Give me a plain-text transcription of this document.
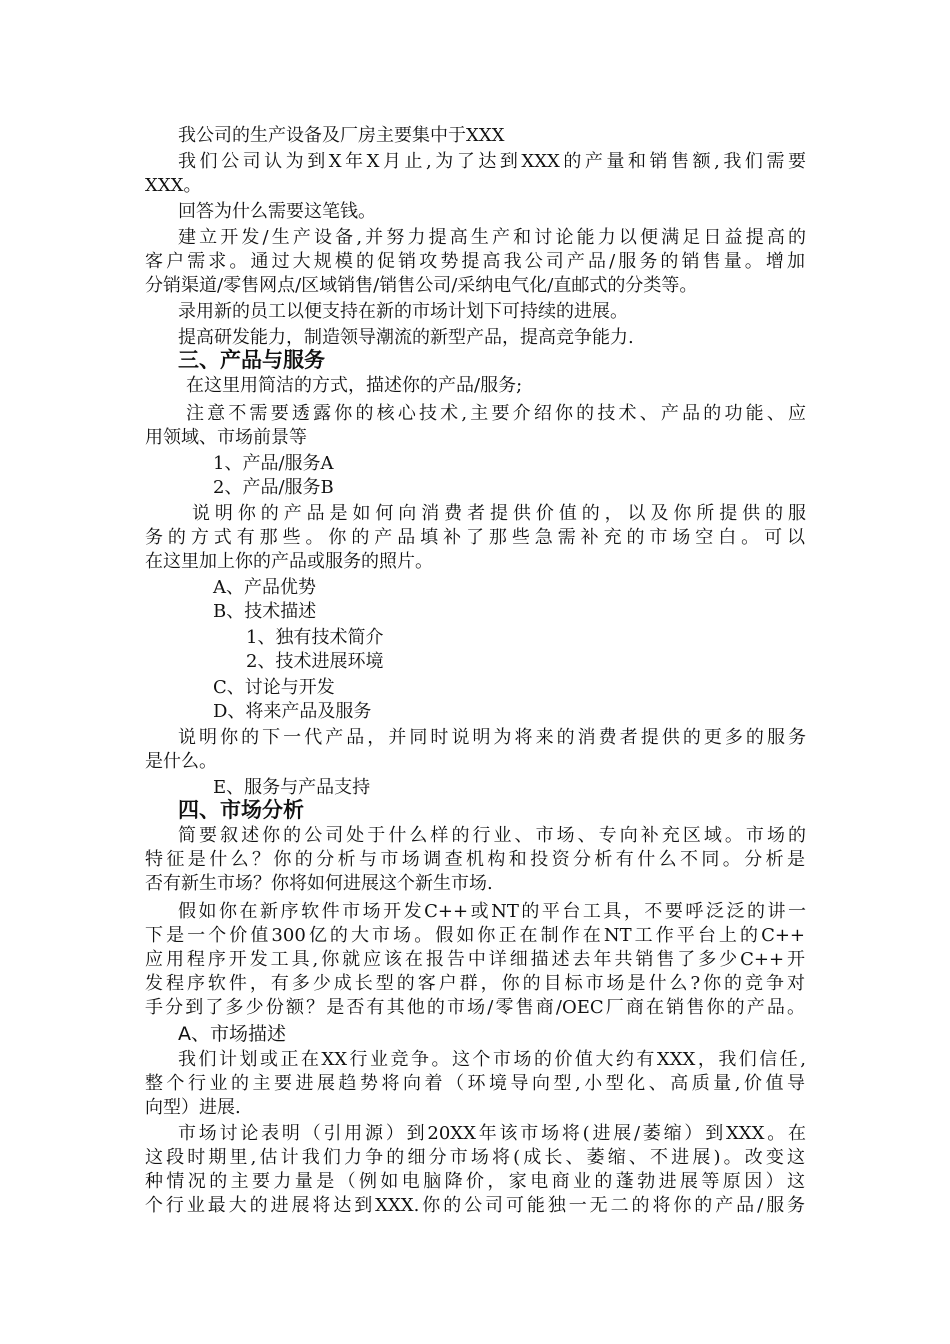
我公司的生产设备及厂房主要集中于XXX
我们公司认为到X年X月止,为了达到XXX的产量和销售额,我们需要
XXX。
回答为什么需要这笔钱。
建立开发/生产设备,并努力提高生产和讨论能力以便满足日益提高的
客户需求。通过大规模的促销攻势提高我公司产品/服务的销售量。增加
分销渠道/零售网点/区域销售/销售公司/采纳电气化/直邮式的分类等。
录用新的员工以便支持在新的市场计划下可持续的进展。
提高研发能力，制造领导潮流的新型产品，提高竞争能力.
三、产品与服务
在这里用简洁的方式，描述你的产品/服务;
注意不需要透露你的核心技术,主要介绍你的技术、产品的功能、应
用领域、市场前景等
1、产品/服务A
2、产品/服务B
说明你的产品是如何向消费者提供价值的，以及你所提供的服
务的方式有那些。你的产品填补了那些急需补充的市场空白。可以
在这里加上你的产品或服务的照片。
A、产品优势
B、技术描述
1、独有技术简介
2、技术进展环境
C、讨论与开发
D、将来产品及服务
说明你的下一代产品，并同时说明为将来的消费者提供的更多的服务
是什么。
E、服务与产品支持
四、市场分析
简要叙述你的公司处于什么样的行业、市场、专向补充区域。市场的
特征是什么？你的分析与市场调查机构和投资分析有什么不同。分析是
否有新生市场？你将如何进展这个新生市场.
假如你在新序软件市场开发C++或NT的平台工具，不要呼泛泛的讲一
下是一个价值300亿的大市场。假如你正在制作在NT工作平台上的C++
应用程序开发工具,你就应该在报告中详细描述去年共销售了多少C++开
发程序软件，有多少成长型的客户群，你的目标市场是什么?你的竞争对
手分到了多少份额？是否有其他的市场/零售商/OEC厂商在销售你的产品。
A、市场描述
我们计划或正在XX行业竞争。这个市场的价值大约有XXX，我们信任,
整个行业的主要进展趋势将向着（环境导向型,小型化、高质量,价值导
向型）进展.
市场讨论表明（引用源）到20XX年该市场将(进展/萎缩）到XXX。在
这段时期里,估计我们力争的细分市场将(成长、萎缩、不进展)。改变这
种情况的主要力量是（例如电脑降价，家电商业的蓬勃进展等原因）这
个行业最大的进展将达到XXX.你的公司可能独一无二的将你的产品/服务
